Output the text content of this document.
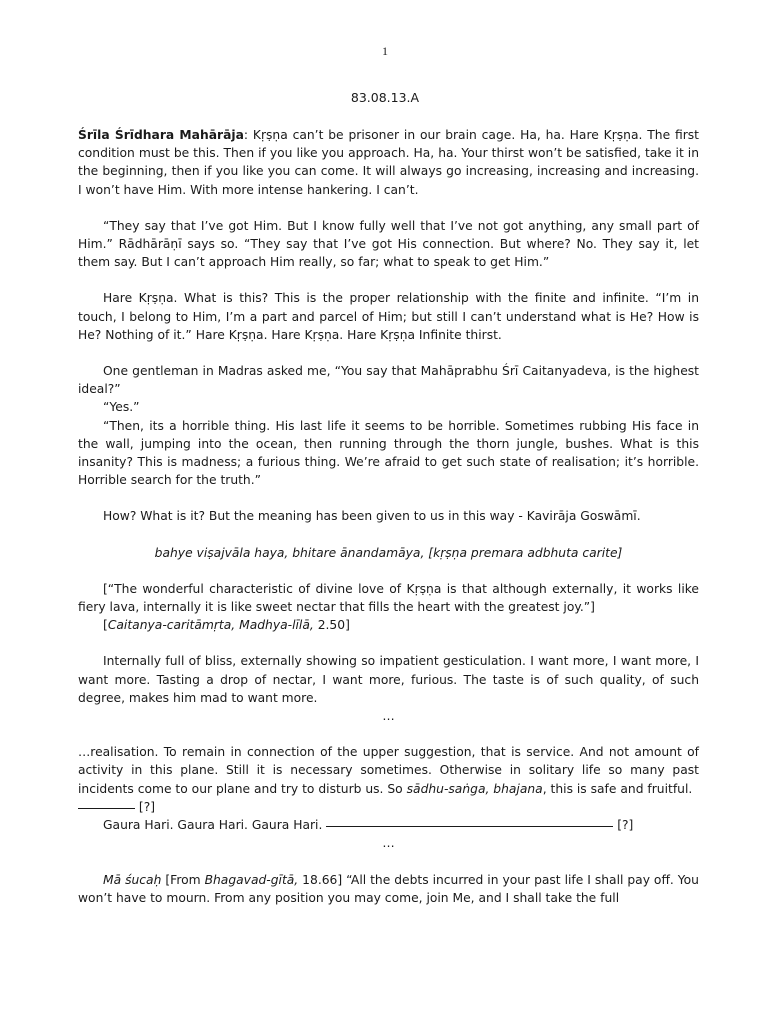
1
83.08.13.A

Śrīla Śrīdhara Mahārāja: Kṛṣṇa can’t be prisoner in our brain cage. Ha, ha. Hare Kṛṣṇa. The first condition must be this. Then if you like you approach. Ha, ha. Your thirst won’t be satisfied, take it in the beginning, then if you like you can come. It will always go increasing, increasing and increasing. I won’t have Him. With more intense hankering. I can’t.

“They say that I’ve got Him. But I know fully well that I’ve not got anything, any small part of Him.” Rādhārāṇī says so. “They say that I’ve got His connection. But where? No. They say it, let them say. But I can’t approach Him really, so far; what to speak to get Him.”

Hare Kṛṣṇa. What is this? This is the proper relationship with the finite and infinite. “I’m in touch, I belong to Him, I’m a part and parcel of Him; but still I can’t understand what is He? How is He? Nothing of it.” Hare Kṛṣṇa. Hare Kṛṣṇa. Hare Kṛṣṇa Infinite thirst.

One gentleman in Madras asked me, “You say that Mahāprabhu Śrī Caitanyadeva, is the highest ideal?”

“Yes.”

“Then, its a horrible thing. His last life it seems to be horrible. Sometimes rubbing His face in the wall, jumping into the ocean, then running through the thorn jungle, bushes. What is this insanity? This is madness; a furious thing. We’re afraid to get such state of realisation; it’s horrible. Horrible search for the truth.”

How? What is it? But the meaning has been given to us in this way - Kavirāja Goswāmī.

bahye viṣajvāla haya, bhitare ānandamāya, [kṛṣṇa premara adbhuta carite]

[“The wonderful characteristic of divine love of Kṛṣṇa is that although externally, it works like fiery lava, internally it is like sweet nectar that fills the heart with the greatest joy.”]

[Caitanya-caritāmṛta, Madhya-līlā, 2.50]

Internally full of bliss, externally showing so impatient gesticulation. I want more, I want more, I want more. Tasting a drop of nectar, I want more, furious. The taste is of such quality, of such degree, makes him mad to want more.

…

…realisation. To remain in connection of the upper suggestion, that is service. And not amount of activity in this plane. Still it is necessary sometimes. Otherwise in solitary life so many past incidents come to our plane and try to disturb us. So sādhu-saṅga, bhajana, this is safe and fruitful.
[?]

Gaura Hari. Gaura Hari. Gaura Hari.	[?]

…

Mā śucaḥ [From Bhagavad-gītā, 18.66] “All the debts incurred in your past life I shall pay off. You won’t have to mourn. From any position you may come, join Me, and I shall take the full
